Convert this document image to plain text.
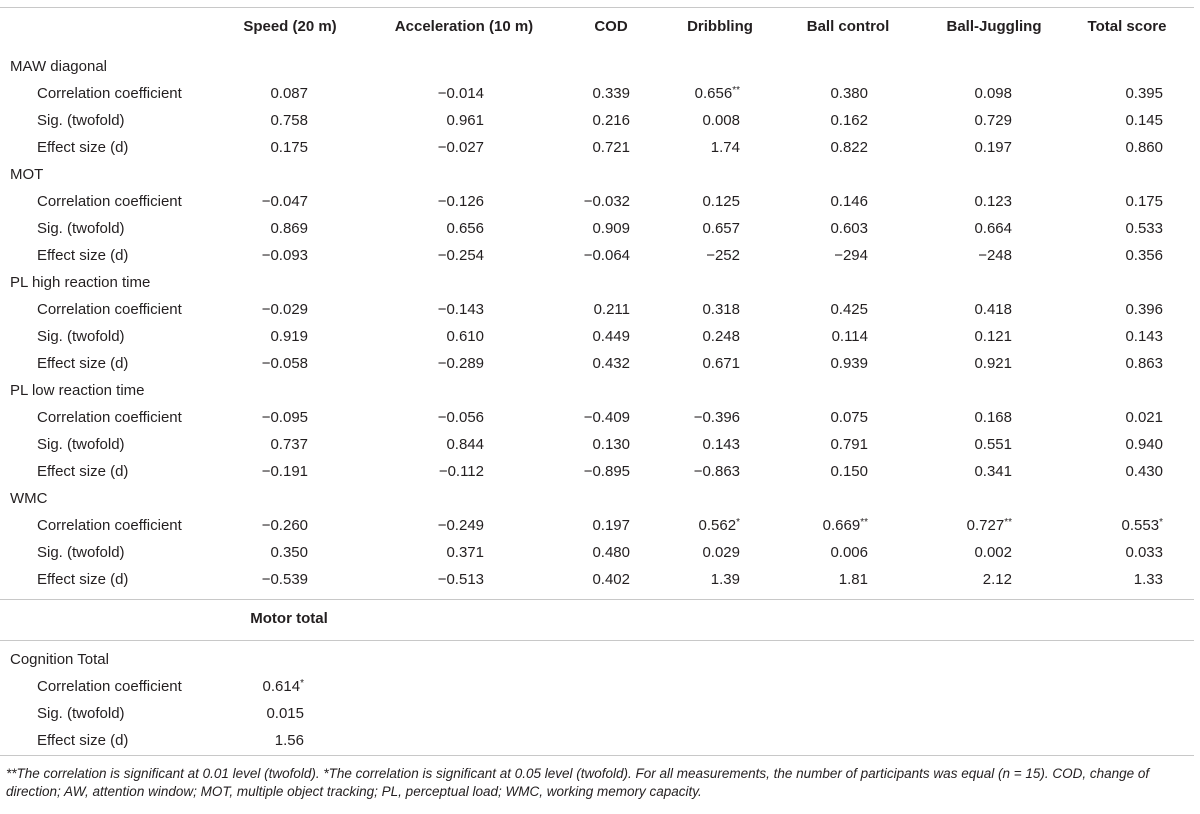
**The correlation is significant at 0.01 level (twofold). *The correlation is significant at 0.05 level (twofold). For all measurements, the number of participants was equal (n = 15). COD, change of direction; AW, attention window; MOT, multiple object tracking; PL, perceptual load; WMC, working memory capacity.
Speed (20 m)	Acceleration (10 m)	COD	Dribbling	Ball control	Ball-Juggling	Total score
MAW diagonal
Correlation coefficient	0.087	−0.014	0.339	0.656**	0.380	0.098	0.395
Sig. (twofold)	0.758	0.961	0.216	0.008	0.162	0.729	0.145
Effect size (d)	0.175	−0.027	0.721	1.74	0.822	0.197	0.860
MOT
Correlation coefficient	−0.047	−0.126	−0.032	0.125	0.146	0.123	0.175
Sig. (twofold)	0.869	0.656	0.909	0.657	0.603	0.664	0.533
Effect size (d)	−0.093	−0.254	−0.064	−252	−294	−248	0.356
PL high reaction time
Correlation coefficient	−0.029	−0.143	0.211	0.318	0.425	0.418	0.396
Sig. (twofold)	0.919	0.610	0.449	0.248	0.114	0.121	0.143
Effect size (d)	−0.058	−0.289	0.432	0.671	0.939	0.921	0.863
PL low reaction time
Correlation coefficient	−0.095	−0.056	−0.409	−0.396	0.075	0.168	0.021
Sig. (twofold)	0.737	0.844	0.130	0.143	0.791	0.551	0.940
Effect size (d)	−0.191	−0.112	−0.895	−0.863	0.150	0.341	0.430
WMC
Correlation coefficient	−0.260	−0.249	0.197	0.562*	0.669**	0.727**	0.553*
Sig. (twofold)	0.350	0.371	0.480	0.029	0.006	0.002	0.033
Effect size (d)	−0.539	−0.513	0.402	1.39	1.81	2.12	1.33
Motor total
Cognition Total
Correlation coefficient	0.614*
Sig. (twofold)	0.015
Effect size (d)	1.56
